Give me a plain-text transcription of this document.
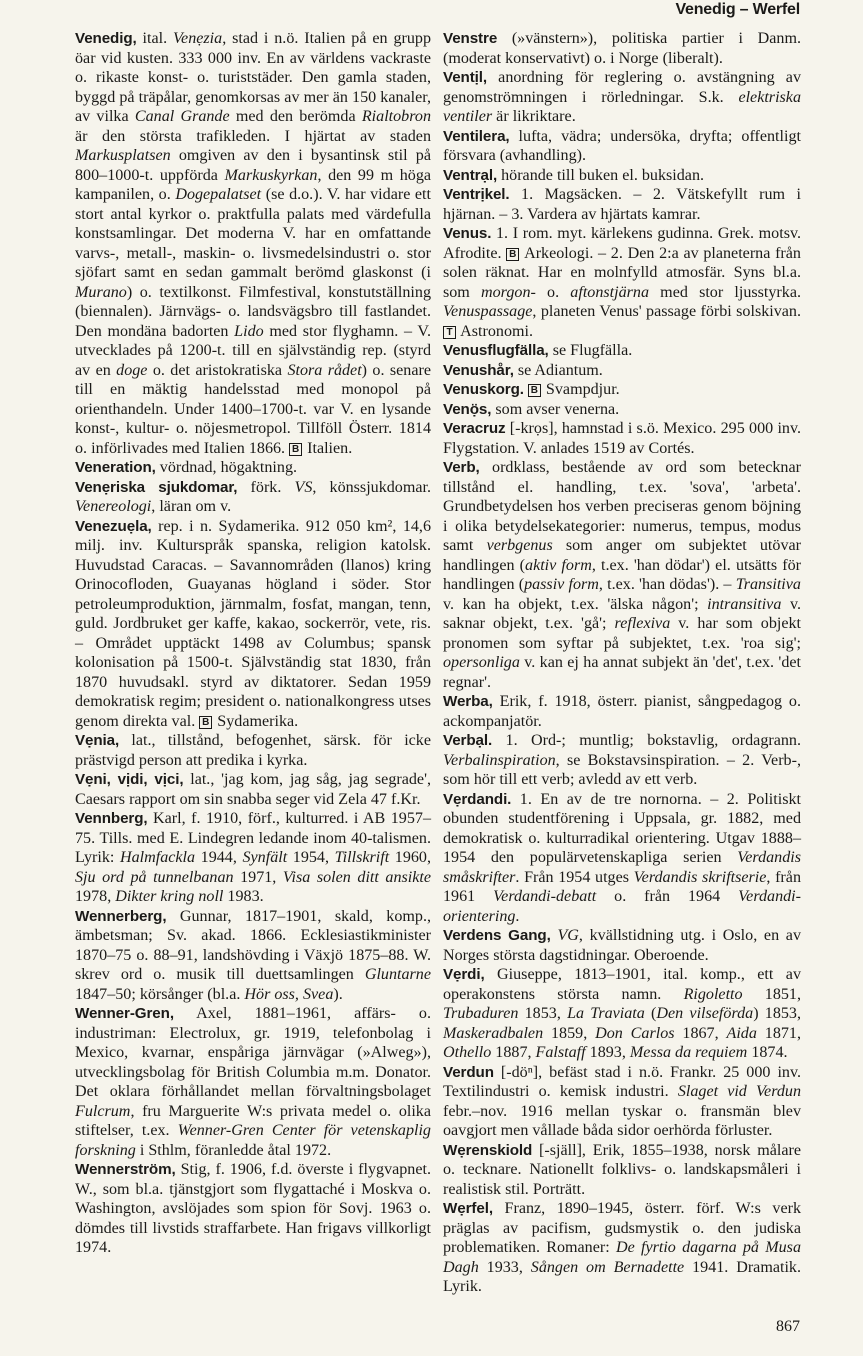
Venedig – Werfel

Venedig, ital. Venẹzia, stad i n.ö. Italien på en grupp öar vid kusten. 333 000 inv. En av världens vackraste o. rikaste konst- o. turiststäder. Den gamla staden, byggd på träpålar, genomkorsas av mer än 150 kanaler, av vilka Canal Grande med den berömda Rialtobron är den största trafikleden. I hjärtat av staden Markusplatsen omgiven av den i bysantinsk stil på 800–1000-t. uppförda Markuskyrkan, den 99 m höga kampanilen, o. Dogepalatset (se d.o.). V. har vidare ett stort antal kyrkor o. praktfulla palats med värdefulla konstsamlingar. Det moderna V. har en omfattande varvs-, metall-, maskin- o. livsmedelsindustri o. stor sjöfart samt en sedan gammalt berömd glaskonst (i Murano) o. textilkonst. Filmfestival, konstutställning (biennalen). Järnvägs- o. landsvägsbro till fastlandet. Den mondäna badorten Lido med stor flyghamn. – V. utvecklades på 1200-t. till en självständig rep. (styrd av en doge o. det aristokratiska Stora rådet) o. senare till en mäktig handelsstad med monopol på orienthandeln. Under 1400–1700-t. var V. en lysande konst-, kultur- o. nöjesmetropol. Tillföll Österr. 1814 o. införlivades med Italien 1866. B Italien.

Veneration, vördnad, högaktning.

Venẹriska sjukdomar, förk. VS, könssjukdomar. Venereologi, läran om v.

Venezuẹla, rep. i n. Sydamerika. 912 050 km², 14,6 milj. inv. Kulturspråk spanska, religion katolsk. Huvudstad Caracas. – Savannområden (llanos) kring Orinocofloden, Guayanas högland i söder. Stor petroleumproduktion, järnmalm, fosfat, mangan, tenn, guld. Jordbruket ger kaffe, kakao, sockerrör, vete, ris. – Området upptäckt 1498 av Columbus; spansk kolonisation på 1500-t. Självständig stat 1830, från 1870 huvudsakl. styrd av diktatorer. Sedan 1959 demokratisk regim; president o. nationalkongress utses genom direkta val. B Sydamerika.

Vẹnia, lat., tillstånd, befogenhet, särsk. för icke prästvigd person att predika i kyrka.

Vẹni, vịdi, vịci, lat., 'jag kom, jag såg, jag segrade', Caesars rapport om sin snabba seger vid Zela 47 f.Kr.

Vennberg, Karl, f. 1910, förf., kulturred. i AB 1957–75. Tills. med E. Lindegren ledande inom 40-talismen. Lyrik: Halmfackla 1944, Synfält 1954, Tillskrift 1960, Sju ord på tunnelbanan 1971, Visa solen ditt ansikte 1978, Dikter kring noll 1983.

Wennerberg, Gunnar, 1817–1901, skald, komp., ämbetsman; Sv. akad. 1866. Ecklesiastikminister 1870–75 o. 88–91, landshövding i Växjö 1875–88. W. skrev ord o. musik till duettsamlingen Gluntarne 1847–50; körsånger (bl.a. Hör oss, Svea).

Wenner-Gren, Axel, 1881–1961, affärs- o. industriman: Electrolux, gr. 1919, telefonbolag i Mexico, kvarnar, enspåriga järnvägar (»Alweg»), utvecklingsbolag för British Columbia m.m. Donator. Det oklara förhållandet mellan förvaltningsbolaget Fulcrum, fru Marguerite W:s privata medel o. olika stiftelser, t.ex. Wenner-Gren Center för vetenskaplig forskning i Sthlm, föranledde åtal 1972.

Wennerström, Stig, f. 1906, f.d. överste i flygvapnet. W., som bl.a. tjänstgjort som flygattaché i Moskva o. Washington, avslöjades som spion för Sovj. 1963 o. dömdes till livstids straffarbete. Han frigavs villkorligt 1974.

Venstre (»vänstern»), politiska partier i Danm. (moderat konservativt) o. i Norge (liberalt).

Ventịl, anordning för reglering o. avstängning av genomströmningen i rörledningar. S.k. elektriska ventiler är likriktare.

Ventilera, lufta, vädra; undersöka, dryfta; offentligt försvara (avhandling).

Ventrạl, hörande till buken el. buksidan.

Ventrịkel. 1. Magsäcken. – 2. Vätskefyllt rum i hjärnan. – 3. Vardera av hjärtats kamrar.

Venus. 1. I rom. myt. kärlekens gudinna. Grek. motsv. Afrodite. B Arkeologi. – 2. Den 2:a av planeterna från solen räknat. Har en molnfylld atmosfär. Syns bl.a. som morgon- o. aftonstjärna med stor ljusstyrka. Venuspassage, planeten Venus' passage förbi solskivan. T Astronomi.

Venusflugfälla, se Flugfälla.

Venushår, se Adiantum.

Venuskorg. B Svampdjur.

Venọ̈s, som avser venerna.

Veracruz [-krọs], hamnstad i s.ö. Mexico. 295 000 inv. Flygstation. V. anlades 1519 av Cortés.

Verb, ordklass, bestående av ord som betecknar tillstånd el. handling, t.ex. 'sova', 'arbeta'. Grundbetydelsen hos verben preciseras genom böjning i olika betydelsekategorier: numerus, tempus, modus samt verbgenus som anger om subjektet utövar handlingen (aktiv form, t.ex. 'han dödar') el. utsätts för handlingen (passiv form, t.ex. 'han dödas'). – Transitiva v. kan ha objekt, t.ex. 'älska någon'; intransitiva v. saknar objekt, t.ex. 'gå'; reflexiva v. har som objekt pronomen som syftar på subjektet, t.ex. 'roa sig'; opersonliga v. kan ej ha annat subjekt än 'det', t.ex. 'det regnar'.

Werba, Erik, f. 1918, österr. pianist, sångpedagog o. ackompanjatör.

Verbạl. 1. Ord-; muntlig; bokstavlig, ordagrann. Verbalinspiration, se Bokstavsinspiration. – 2. Verb-, som hör till ett verb; avledd av ett verb.

Vẹrdandi. 1. En av de tre nornorna. – 2. Politiskt obunden studentförening i Uppsala, gr. 1882, med demokratisk o. kulturradikal orientering. Utgav 1888–1954 den populärvetenskapliga serien Verdandis småskrifter. Från 1954 utges Verdandis skriftserie, från 1961 Verdandi-debatt o. från 1964 Verdandi-orientering.

Verdens Gang, VG, kvällstidning utg. i Oslo, en av Norges största dagstidningar. Oberoende.

Vẹrdi, Giuseppe, 1813–1901, ital. komp., ett av operakonstens största namn. Rigoletto 1851, Trubaduren 1853, La Traviata (Den vilseförda) 1853, Maskeradbalen 1859, Don Carlos 1867, Aida 1871, Othello 1887, Falstaff 1893, Messa da requiem 1874.

Verdun [-döⁿ], befäst stad i n.ö. Frankr. 25 000 inv. Textilindustri o. kemisk industri. Slaget vid Verdun febr.–nov. 1916 mellan tyskar o. fransmän blev oavgjort men vållade båda sidor oerhörda förluster.

Wẹrenskiold [-själl], Erik, 1855–1938, norsk målare o. tecknare. Nationellt folklivs- o. landskapsmåleri i realistisk stil. Porträtt.

Wẹrfel, Franz, 1890–1945, österr. förf. W:s verk präglas av pacifism, gudsmystik o. den judiska problematiken. Romaner: De fyrtio dagarna på Musa Dagh 1933, Sången om Bernadette 1941. Dramatik. Lyrik.

867
